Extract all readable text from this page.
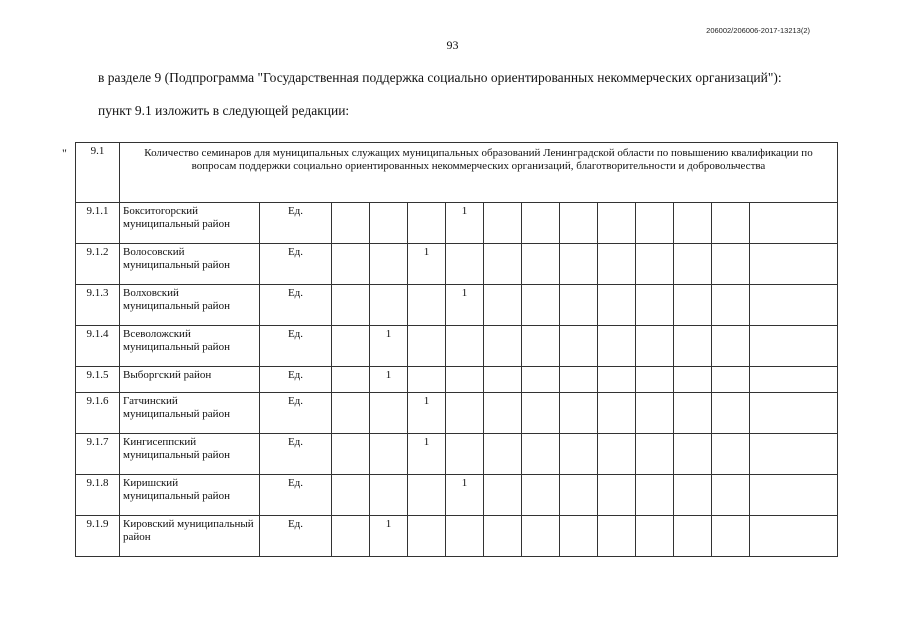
206002/206006-2017-13213(2)
93
в разделе 9 (Подпрограмма "Государственная поддержка социально ориентированных некоммерческих организаций"):
пункт 9.1 изложить в следующей редакции:
" 9.1	Количество семинаров для муниципальных служащих муниципальных образований Ленинградской области по повышению квалификации по вопросам поддержки социально ориентированных некоммерческих организаций, благотворительности и добровольчества													
9.1.1	Бокситогорский муниципальный район	Ед.				1								
9.1.2	Волосовский муниципальный район	Ед.			1									
9.1.3	Волховский муниципальный район	Ед.				1								
9.1.4	Всеволожский муниципальный район	Ед.		1										
9.1.5	Выборгский район	Ед.		1										
9.1.6	Гатчинский муниципальный район	Ед.			1									
9.1.7	Кингисеппский муниципальный район	Ед.			1									
9.1.8	Киришский муниципальный район	Ед.				1								
9.1.9	Кировский муниципальный район	Ед.		1										
